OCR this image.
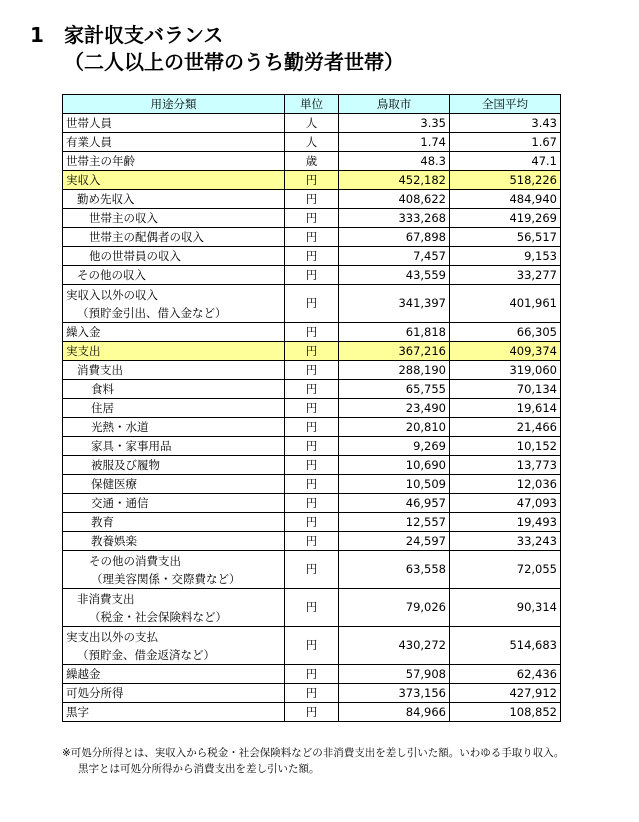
1 家計収支バランス
（二人以上の世帯のうち勤労者世帯）
用途分類	単位	鳥取市	全国平均
世帯人員	人	3.35	3.43
有業人員	人	1.74	1.67
世帯主の年齢	歳	48.3	47.1
実収入	円	452,182	518,226
勤め先収入	円	408,622	484,940
世帯主の収入	円	333,268	419,269
世帯主の配偶者の収入	円	67,898	56,517
他の世帯員の収入	円	7,457	9,153
その他の収入	円	43,559	33,277

実収入以外の収入
（預貯金引出、借入金など）	円	341,397	401,961
繰入金	円	61,818	66,305
実支出	円	367,216	409,374
消費支出	円	288,190	319,060
食料	円	65,755	70,134
住居	円	23,490	19,614
光熱・水道	円	20,810	21,466
家具・家事用品	円	9,269	10,152
被服及び履物	円	10,690	13,773
保健医療	円	10,509	12,036
交通・通信	円	46,957	47,093
教育	円	12,557	19,493
教養娯楽	円	24,597	33,243

その他の消費支出
（理美容関係・交際費など）	円	63,558	72,055

非消費支出
（税金・社会保険料など）	円	79,026	90,314

実支出以外の支払
（預貯金、借金返済など）	円	430,272	514,683
繰越金	円	57,908	62,436
可処分所得	円	373,156	427,912
黒字	円	84,966	108,852
※可処分所得とは、実収入から税金・社会保険料などの非消費支出を差し引いた額。いわゆる手取り収入。
黒字とは可処分所得から消費支出を差し引いた額。
